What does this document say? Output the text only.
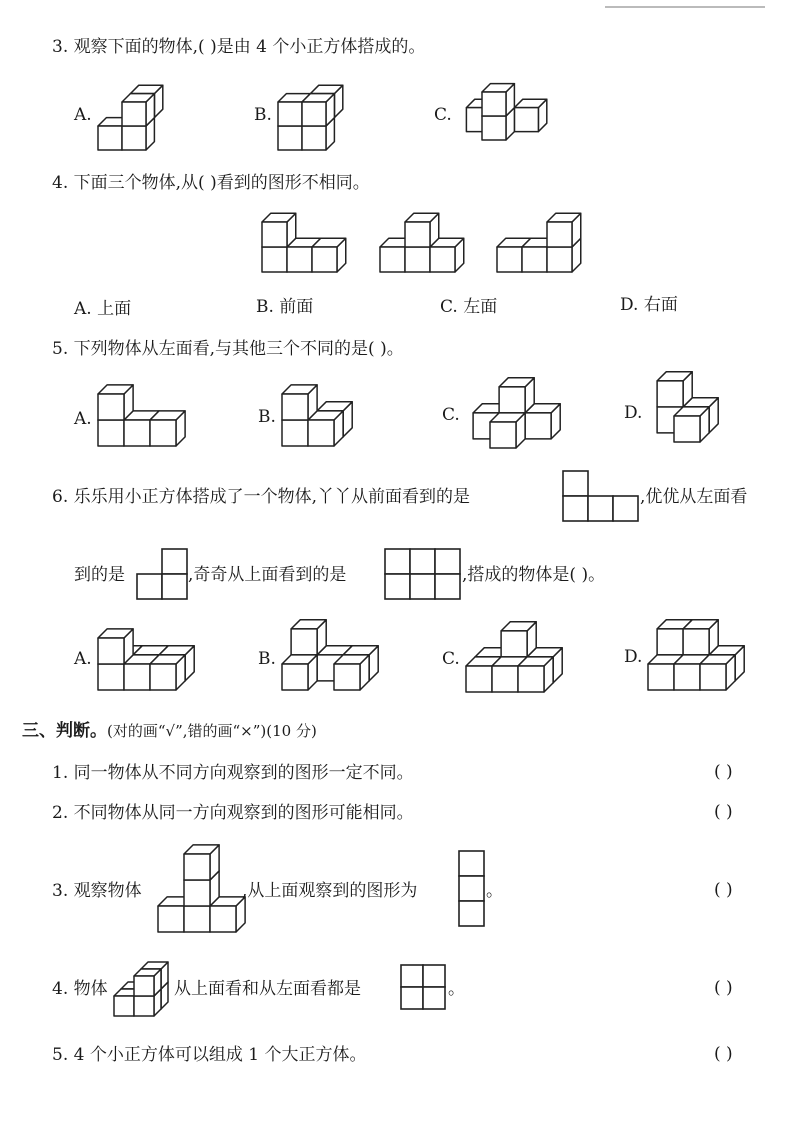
3. 观察下面的物体,( )是由 4 个小正方体搭成的。
A.	B.	C.
4. 下面三个物体,从( )看到的图形不相同。
A. 上面	B. 前面	C. 左面	D. 右面
5. 下列物体从左面看,与其他三个不同的是( )。
A.	B.	C.	D.
6. 乐乐用小正方体搭成了一个物体,丫丫从前面看到的是	,优优从左面看
到的是	,奇奇从上面看到的是	,搭成的物体是( )。
A.	B.	C.	D.
三、判断。(对的画“√”,错的画“×”)(10 分)
1. 同一物体从不同方向观察到的图形一定不同。	( )
2. 不同物体从同一方向观察到的图形可能相同。	( )
3. 观察物体	,从上面观察到的图形为	。	( )
4. 物体	从上面看和从左面看都是	。	( )
5. 4 个小正方体可以组成 1 个大正方体。	( )
